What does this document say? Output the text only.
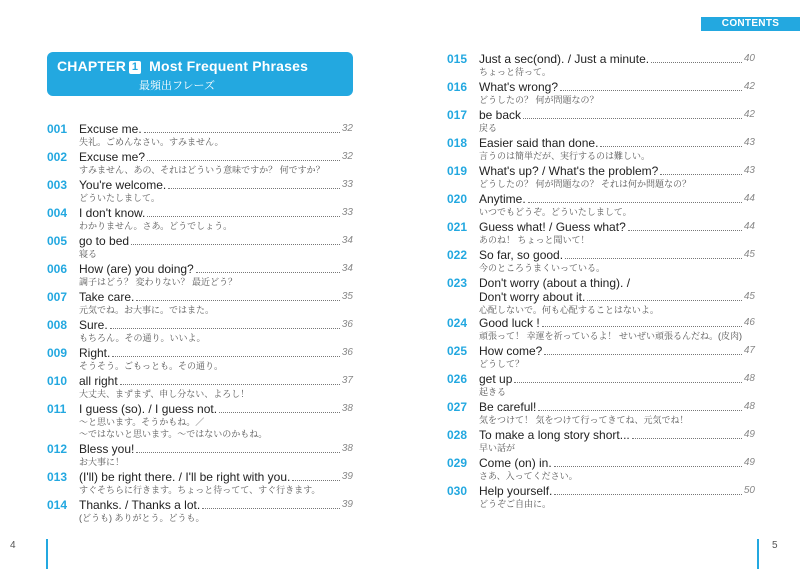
CONTENTS
CHAPTER 1 Most Frequent Phrases
最頻出フレーズ
001 Excuse me.	32
失礼。ごめんなさい。すみません。
002 Excuse me?	32
すみません、あの、それはどういう意味ですか？ 何ですか？
003 You're welcome.	33
どういたしまして。
004 I don't know.	33
わかりません。さあ。どうでしょう。
005 go to bed	34
寝る
006 How (are) you doing?	34
調子はどう？ 変わりない？ 最近どう？
007 Take care.	35
元気でね。お大事に。ではまた。
008 Sure.	36
もちろん。その通り。いいよ。
009 Right.	36
そうそう。ごもっとも。その通り。
010 all right	37
大丈夫、まずまず、申し分ない、よろし！
011	I guess (so). / I guess not.	38
〜と思います。そうかもね。／
〜ではないと思います。〜ではないのかもね。
012 Bless you!	38
お大事に！
013 (I'll) be right there. / I'll be right with you.	39
すぐそちらに行きます。ちょっと待ってて、すぐ行きます。
014 Thanks. / Thanks a lot.	39
(どうも) ありがとう。どうも。
015 Just a sec(ond). / Just a minute.	40
ちょっと待って。
016 What's wrong?	42
どうしたの？ 何が問題なの？
017 be back	42
戻る
018 Easier said than done.	43
言うのは簡単だが、実行するのは難しい。
019 What's up? / What's the problem?	43
どうしたの？ 何が問題なの？ それは何か問題なの？
020 Anytime.	44
いつでもどうぞ。どういたしまして。
021 Guess what! / Guess what?	44
あのね！ ちょっと聞いて！
022 So far, so good.	45
今のところうまくいっている。
023 Don't worry (about a thing). /
Don't worry about it.	45
心配しないで。何も心配することはないよ。
024 Good luck !	46
頑張って！ 幸運を祈っているよ！ せいぜい頑張るんだね。(皮肉)
025 How come?	47
どうして？
026 get up	48
起きる
027 Be careful!	48
気をつけて！ 気をつけて行ってきてね、元気でね！
028 To make a long story short...	49
早い話が
029 Come (on) in.	49
さあ、入ってください。
030 Help yourself.	50
どうぞご自由に。
4	5
